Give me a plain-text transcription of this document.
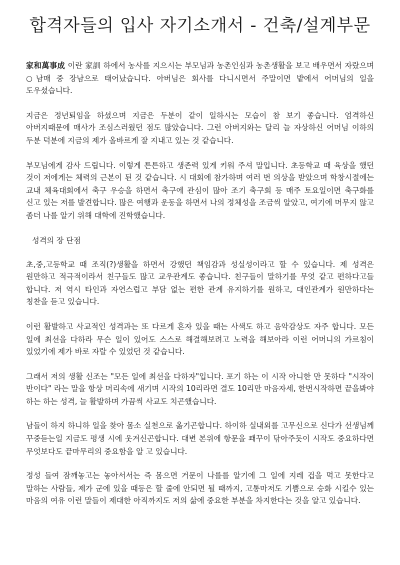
합격자들의 입사 자기소개서 - 건축/설계부문

家和萬事成 이란 家訓 하에서 농사를 지으시는 부모님과 농촌인심과 농촌생활을 보고 배우면서 자랐으며 ○남매 중 장남으로 태어났습니다. 아버님은 회사를 다니시면서 주말이면 밭에서 어머님의 일을 도우셨습니다.

지금은 정년퇴임을 하셨으며 지금은 두분이 같이 일하시는 모습이 참 보기 좋습니다. 엄격하신 아버지때문에 매사가 조심스러웠던 점도 많았습니다. 그런 아버지와는 달리 늘 자상하신 어머님 이하의 두분 덕분에 지금의 제가 올바르게 잘 지내고 있는 것 같습니다.

부모님에게 감사 드립니다. 이렇게 튼튼하고 생존력 있게 키워 주셔 말입니다. 초등학교 때 육상을 했던 것이 저에게는 체력의 근본이 된 것 같습니다. 시 대회에 참가하며 여러 번 의상을 받았으며 학창시절에는 교내 체육대회에서 축구 우승을 하면서 축구에 관심이 많아 조기 축구회 등 매주 토요일이면 축구화를 신고 있는 저를 발견합니다. 많은 여행과 운동을 하면서 나의 정체성을 조금씩 알았고, 여기에 머무지 않고 좀더 나를 알기 위해 대학에 진학했습니다.

성격의 장 단점

초,중,고등학교 때 조직(?)생활을 하면서 강했던 책임감과 성실성이라고 할 수 있습니다. 제 성격은 원만하고 적극적이라서 친구들도 많고 교우관계도 좋습니다. 친구들이 말하기를 무엇 같고 편하다고들 합니다. 저 역시 타인과 자연스럽고 부담 없는 편한 관계 유지하기를 원하고, 대인관계가 원만하다는 칭찬을 듣고 있습니다.

이런 활발하고 사교적인 성격과는 또 다르게 혼자 있을 때는 사색도 하고 음악감상도 자주 합니다. 모든 일에 최선을 다하라 무슨 일이 있어도 스스로 해결해보려고 노력을 해보아라 이런 어머니의 가르침이 있었기에 제가 바로 자랄 수 있었던 것 같습니다.

그래서 저의 생활 신조는 "모든 일에 최선을 다하자"입니다. 포기 하는 이 시작 아니한 만 못하다 "시작이 반이다" 라는 말을 항상 머리속에 새기며 시작의 10리라면 결도 10리만 마음자세, 한번시작하면 끝을봐야 하는 하는 성격, 늘 활발하며 가끔씩 사교도 치곤했습니다.

남들이 하지 하니하 일을 찾아 몸소 실천으로 옮기곤합니다. 하이하 실내외를 고무신으로 신다가 선생님께 꾸중듣는일 지금도 평생 시에 웃겨신곤합니다. 대변 본위에 항문을 꽤꾸이 닦아주듯이 시작도 중요하다면 무엇보다도 끝마무리의 중요함을 알 고 있습니다.

정성 들여 잠깨놓고는 놓아서서는 즉 몸으면 거문이 나를를 알기에 그 일에 지레 겁을 먹고 못한다고 말하는 사람들, 제가 군에 있을 때등은 할 줄에 안되면 될 때까지, 고통마저도 기쁨으로 승화 시킬수 있는 마음의 여유 이런 말들이 제대한 아직까지도 저의 삶에 중요한 부분을 차지한다는 것을 알고 있습니다.
